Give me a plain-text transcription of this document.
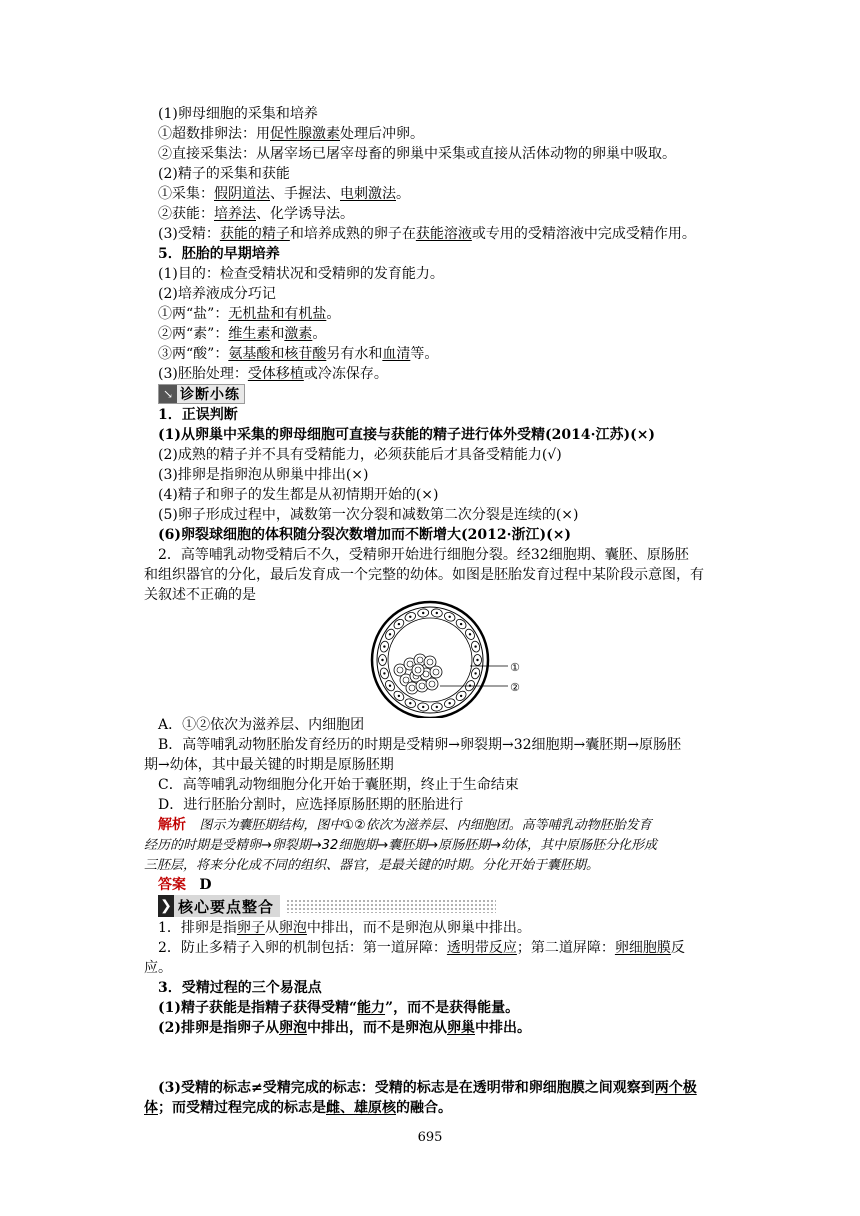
(1)卵母细胞的采集和培养
①超数排卵法：用促性腺激素处理后冲卵。
②直接采集法：从屠宰场已屠宰母畜的卵巢中采集或直接从活体动物的卵巢中吸取。
(2)精子的采集和获能
①采集：假阴道法、手握法、电刺激法。
②获能：培养法、化学诱导法。
(3)受精：获能的精子和培养成熟的卵子在获能溶液或专用的受精溶液中完成受精作用。
5．胚胎的早期培养
(1)目的：检查受精状况和受精卵的发育能力。
(2)培养液成分巧记
①两“盐”：无机盐和有机盐。
②两“素”：维生素和激素。
③两“酸”：氨基酸和核苷酸另有水和血清等。
(3)胚胎处理：受体移植或冷冻保存。
↘ 诊断小练
1．正误判断
(1)从卵巢中采集的卵母细胞可直接与获能的精子进行体外受精(2014·江苏)(×)
(2)成熟的精子并不具有受精能力，必须获能后才具备受精能力(√)
(3)排卵是指卵泡从卵巢中排出(×)
(4)精子和卵子的发生都是从初情期开始的(×)
(5)卵子形成过程中，减数第一次分裂和减数第二次分裂是连续的(×)
(6)卵裂球细胞的体积随分裂次数增加而不断增大(2012·浙江)(×)
2．高等哺乳动物受精后不久，受精卵开始进行细胞分裂。经32细胞期、囊胚、原肠胚
和组织器官的分化，最后发育成一个完整的幼体。如图是胚胎发育过程中某阶段示意图，有
关叙述不正确的是
①
②
A．①②依次为滋养层、内细胞团
B．高等哺乳动物胚胎发育经历的时期是受精卵→卵裂期→32细胞期→囊胚期→原肠胚
期→幼体，其中最关键的时期是原肠胚期
C．高等哺乳动物细胞分化开始于囊胚期，终止于生命结束
D．进行胚胎分割时，应选择原肠胚期的胚胎进行
解析 图示为囊胚期结构，图中①②依次为滋养层、内细胞团。高等哺乳动物胚胎发育
经历的时期是受精卵→卵裂期→32细胞期→囊胚期→原肠胚期→幼体，其中原肠胚分化形成
三胚层，将来分化成不同的组织、器官，是最关键的时期。分化开始于囊胚期。
答案 D
❯ 核心要点整合
1．排卵是指卵子从卵泡中排出，而不是卵泡从卵巢中排出。
2．防止多精子入卵的机制包括：第一道屏障：透明带反应；第二道屏障：卵细胞膜反
应。
3．受精过程的三个易混点
(1)精子获能是指精子获得受精“能力”，而不是获得能量。
(2)排卵是指卵子从卵泡中排出，而不是卵泡从卵巢中排出。
(3)受精的标志≠受精完成的标志：受精的标志是在透明带和卵细胞膜之间观察到两个极
体；而受精过程完成的标志是雌、雄原核的融合。
695
